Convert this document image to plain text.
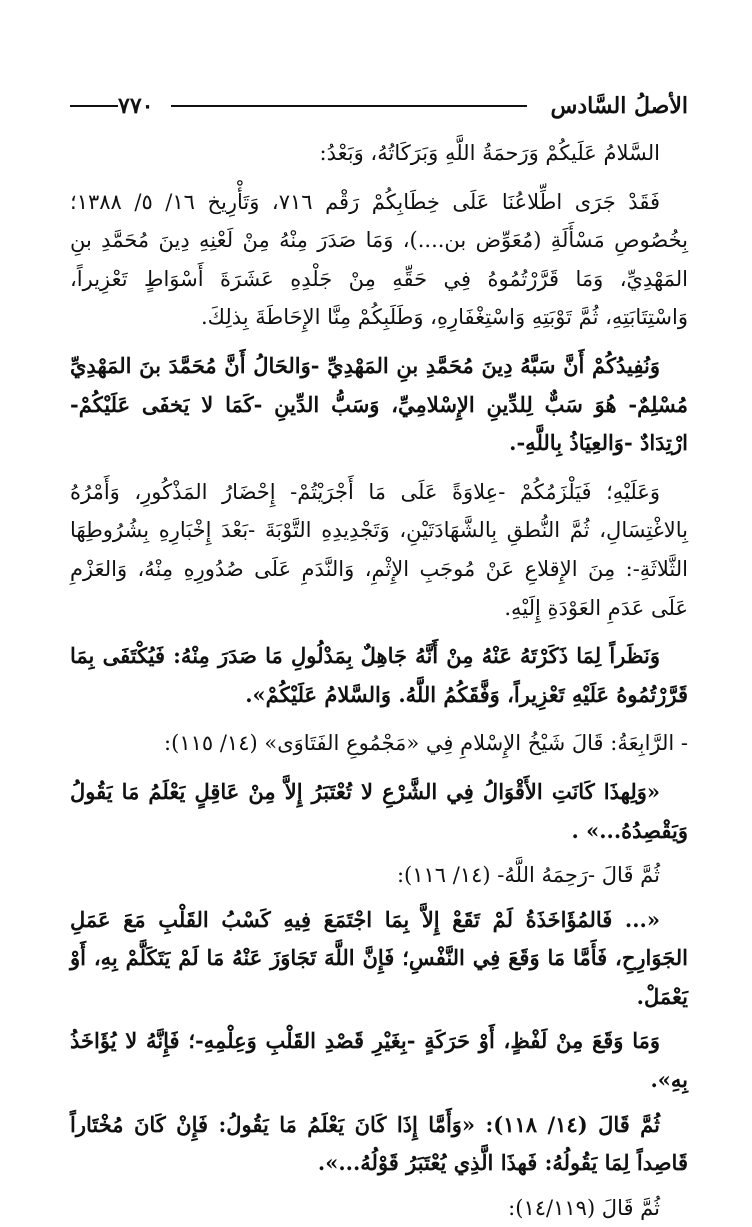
الأصلُ السَّادس
٧٧٠

السَّلامُ عَلَيكُمْ وَرَحمَةُ اللَّهِ وَبَرَكَاتُهُ، وَبَعْدُ:

فَقَدْ جَرَى اطِّلاعُنَا عَلَى خِطَابِكُمْ رَقْم ٧١٦، وَتَأْرِيخ ١٦/ ٥/ ١٣٨٨؛ بِخُصُوصِ مَسْأَلَةِ (مُعَوِّض بن....)، وَمَا صَدَرَ مِنْهُ مِنْ لَعْنِهِ دِينَ مُحَمَّدِ بنِ المَهْدِيِّ، وَمَا قَرَّرْتُمُوهُ فِي حَقِّهِ مِنْ جَلْدِهِ عَشَرَةَ أَسْوَاطٍ تَعْزِيراً، وَاسْتِتَابَتِهِ، ثُمَّ تَوْبَتِهِ وَاسْتِغْفَارِهِ، وَطَلَبِكُمْ مِنَّا الإِحَاطَةَ بِذلِكَ.

وَنُفِيدُكُمْ أَنَّ سَبَّهُ دِينَ مُحَمَّدِ بنِ المَهْدِيِّ -وَالحَالُ أَنَّ مُحَمَّدَ بنَ المَهْدِيِّ مُسْلِمٌ- هُوَ سَبٌّ لِلدِّينِ الإِسْلامِيِّ، وَسَبُّ الدِّينِ -كَمَا لا يَخفَى عَلَيْكُمْ- ارْتِدَادٌ -وَالعِيَاذُ بِاللَّهِ-.

وَعَلَيْهِ؛ فَيَلْزَمُكُمْ -عِلاوَةً عَلَى مَا أَجْرَيْتُمْ- إِحْضَارُ المَذْكُورِ، وَأَمْرُهُ بِالاغْتِسَالِ، ثُمَّ النُّطقِ بِالشَّهَادَتَيْنِ، وَتَجْدِيدِهِ التَّوْبَةَ -بَعْدَ إِخْبَارِهِ بِشُرُوطِهَا الثَّلاثَةِ-: مِنَ الإِقلاعِ عَنْ مُوجَبِ الإِثْمِ، وَالنَّدَمِ عَلَى صُدُورِهِ مِنْهُ، وَالعَزْمِ عَلَى عَدَمِ العَوْدَةِ إِلَيْهِ.

وَنَظَراً لِمَا ذَكَرْتَهُ عَنْهُ مِنْ أَنَّهُ جَاهِلٌ بِمَدْلُولِ مَا صَدَرَ مِنْهُ: فَيُكْتَفَى بِمَا قَرَّرْتُمُوهُ عَلَيْهِ تَعْزِيراً، وَفَّقَكُمُ اللَّهُ. وَالسَّلامُ عَلَيْكُمْ».

- الرَّابِعَةُ: قَالَ شَيْخُ الإِسْلامِ فِي «مَجْمُوعِ الفَتَاوَى» (١٤/ ١١٥):

«وَلِهذَا كَانَتِ الأَقْوَالُ فِي الشَّرْعِ لا تُعْتَبَرُ إِلاَّ مِنْ عَاقِلٍ يَعْلَمُ مَا يَقُولُ وَيَقْصِدُهُ...» .

ثُمَّ قَالَ -رَحِمَهُ اللَّهُ- (١٤/ ١١٦):

«... فَالمُؤَاخَذَةُ لَمْ تَقَعْ إِلاَّ بِمَا اجْتَمَعَ فِيهِ كَسْبُ القَلْبِ مَعَ عَمَلِ الجَوَارِحِ، فَأَمَّا مَا وَقَعَ فِي النَّفْسِ؛ فَإِنَّ اللَّهَ تَجَاوَزَ عَنْهُ مَا لَمْ يَتَكَلَّمْ بِهِ، أَوْ يَعْمَلْ.

وَمَا وَقَعَ مِنْ لَفْظٍ، أَوْ حَرَكَةٍ -بِغَيْرِ قَصْدِ القَلْبِ وَعِلْمِهِ-؛ فَإِنَّهُ لا يُؤَاخَذُ بِهِ».

ثُمَّ قَالَ (١٤/ ١١٨): «وَأَمَّا إِذَا كَانَ يَعْلَمُ مَا يَقُولُ: فَإِنْ كَانَ مُخْتَاراً قَاصِداً لِمَا يَقُولُهُ: فَهذَا الَّذِي يُعْتَبَرُ قَوْلُهُ...».

ثُمَّ قَالَ (١٤/١١٩):
